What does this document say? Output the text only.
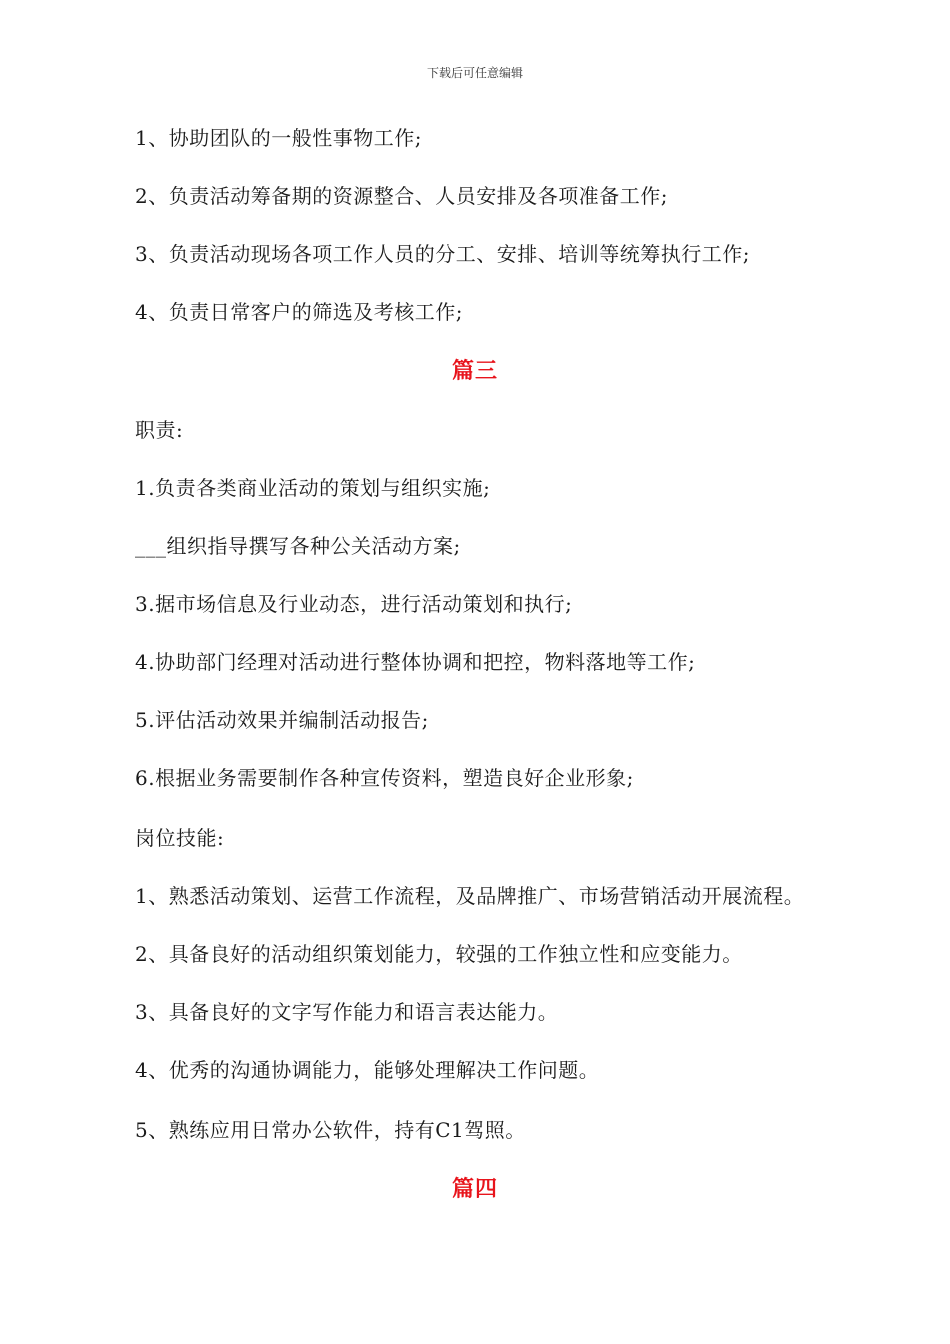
下载后可任意编辑
1、协助团队的一般性事物工作;
2、负责活动筹备期的资源整合、人员安排及各项准备工作;
3、负责活动现场各项工作人员的分工、安排、培训等统筹执行工作;
4、负责日常客户的筛选及考核工作;
篇三
职责:
1.负责各类商业活动的策划与组织实施;
___组织指导撰写各种公关活动方案;
3.据市场信息及行业动态，进行活动策划和执行;
4.协助部门经理对活动进行整体协调和把控，物料落地等工作;
5.评估活动效果并编制活动报告;
6.根据业务需要制作各种宣传资料，塑造良好企业形象;
岗位技能:
1、熟悉活动策划、运营工作流程，及品牌推广、市场营销活动开展流程。
2、具备良好的活动组织策划能力，较强的工作独立性和应变能力。
3、具备良好的文字写作能力和语言表达能力。
4、优秀的沟通协调能力，能够处理解决工作问题。
5、熟练应用日常办公软件，持有C1驾照。
篇四
